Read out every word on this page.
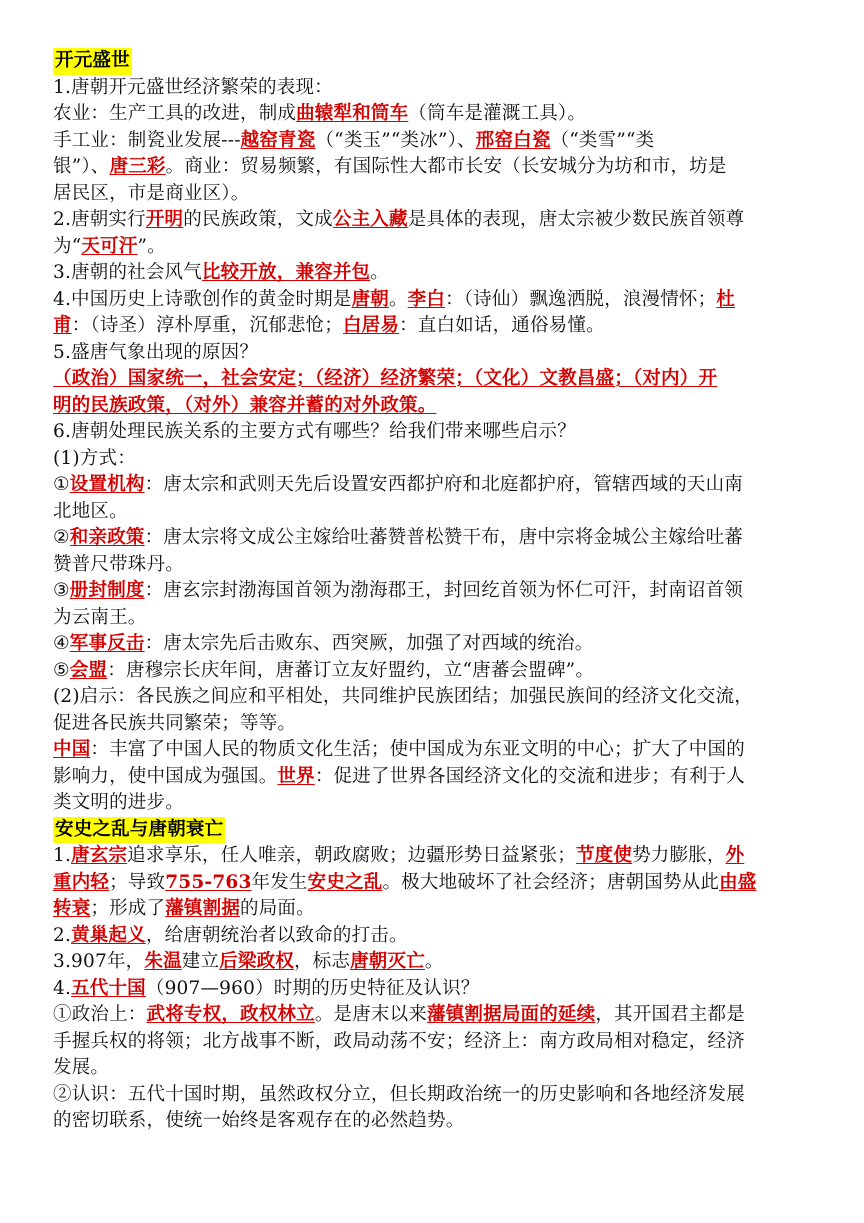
开元盛世
1.唐朝开元盛世经济繁荣的表现：
农业：生产工具的改进，制成曲辕犁和筒车（筒车是灌溉工具）。
手工业：制瓷业发展---越窑青瓷（“类玉”“类冰”）、邢窑白瓷（“类雪”“类
银”）、唐三彩。商业：贸易频繁，有国际性大都市长安（长安城分为坊和市，坊是
居民区，市是商业区）。
2.唐朝实行开明的民族政策，文成公主入藏是具体的表现，唐太宗被少数民族首领尊
为“天可汗”。
3.唐朝的社会风气比较开放，兼容并包。
4.中国历史上诗歌创作的黄金时期是唐朝。李白：（诗仙）飘逸洒脱，浪漫情怀；杜
甫：（诗圣）淳朴厚重，沉郁悲怆；白居易：直白如话，通俗易懂。
5.盛唐气象出现的原因？
（政治）国家统一，社会安定；（经济）经济繁荣；（文化）文教昌盛；（对内）开
明的民族政策，（对外）兼容并蓄的对外政策。
6.唐朝处理民族关系的主要方式有哪些？给我们带来哪些启示？
(1)方式：
①设置机构：唐太宗和武则天先后设置安西都护府和北庭都护府，管辖西域的天山南
北地区。
②和亲政策：唐太宗将文成公主嫁给吐蕃赞普松赞干布，唐中宗将金城公主嫁给吐蕃
赞普尺带珠丹。
③册封制度：唐玄宗封渤海国首领为渤海郡王，封回纥首领为怀仁可汗，封南诏首领
为云南王。
④军事反击：唐太宗先后击败东、西突厥，加强了对西域的统治。
⑤会盟：唐穆宗长庆年间，唐蕃订立友好盟约，立“唐蕃会盟碑”。
(2)启示：各民族之间应和平相处，共同维护民族团结；加强民族间的经济文化交流，
促进各民族共同繁荣；等等。
中国：丰富了中国人民的物质文化生活；使中国成为东亚文明的中心；扩大了中国的
影响力，使中国成为强国。世界：促进了世界各国经济文化的交流和进步；有利于人
类文明的进步。
安史之乱与唐朝衰亡
1.唐玄宗追求享乐，任人唯亲，朝政腐败；边疆形势日益紧张；节度使势力膨胀，外
重内轻；导致755-763年发生安史之乱。极大地破坏了社会经济；唐朝国势从此由盛
转衰；形成了藩镇割据的局面。
2.黄巢起义，给唐朝统治者以致命的打击。
3.907年，朱温建立后梁政权，标志唐朝灭亡。
4.五代十国（907—960）时期的历史特征及认识？
①政治上：武将专权，政权林立。是唐末以来藩镇割据局面的延续，其开国君主都是
手握兵权的将领；北方战事不断，政局动荡不安；经济上：南方政局相对稳定，经济
发展。
②认识：五代十国时期，虽然政权分立，但长期政治统一的历史影响和各地经济发展
的密切联系，使统一始终是客观存在的必然趋势。
